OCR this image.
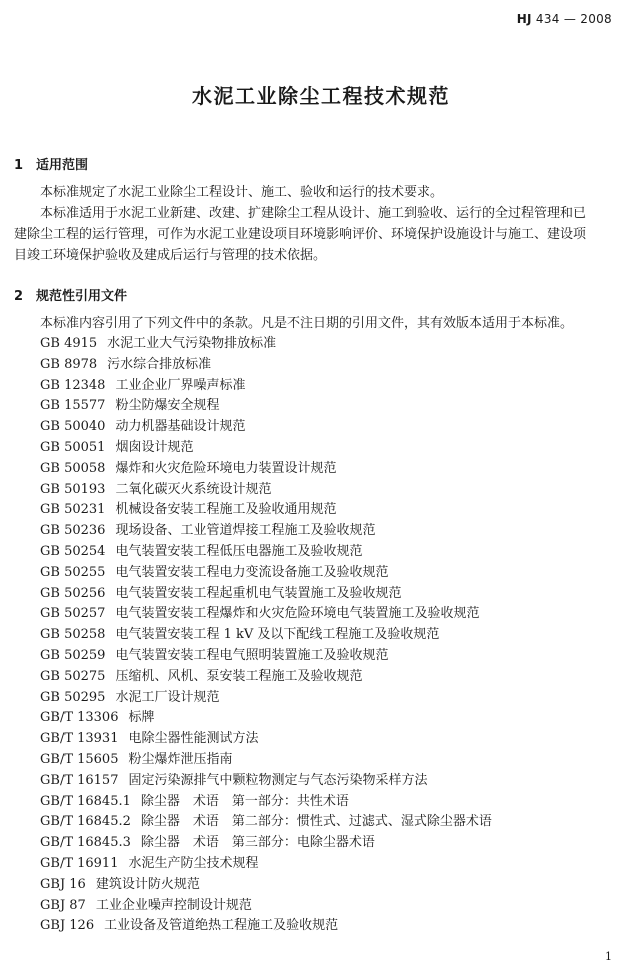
HJ 434 — 2008
水泥工业除尘工程技术规范
1 适用范围
本标准规定了水泥工业除尘工程设计、施工、验收和运行的技术要求。
本标准适用于水泥工业新建、改建、扩建除尘工程从设计、施工到验收、运行的全过程管理和已
建除尘工程的运行管理，可作为水泥工业建设项目环境影响评价、环境保护设施设计与施工、建设项
目竣工环境保护验收及建成后运行与管理的技术依据。
2 规范性引用文件
本标准内容引用了下列文件中的条款。凡是不注日期的引用文件，其有效版本适用于本标准。
GB 4915 水泥工业大气污染物排放标准
GB 8978 污水综合排放标准
GB 12348 工业企业厂界噪声标准
GB 15577 粉尘防爆安全规程
GB 50040 动力机器基础设计规范
GB 50051 烟囱设计规范
GB 50058 爆炸和火灾危险环境电力装置设计规范
GB 50193 二氧化碳灭火系统设计规范
GB 50231 机械设备安装工程施工及验收通用规范
GB 50236 现场设备、工业管道焊接工程施工及验收规范
GB 50254 电气装置安装工程低压电器施工及验收规范
GB 50255 电气装置安装工程电力变流设备施工及验收规范
GB 50256 电气装置安装工程起重机电气装置施工及验收规范
GB 50257 电气装置安装工程爆炸和火灾危险环境电气装置施工及验收规范
GB 50258 电气装置安装工程 1 kV 及以下配线工程施工及验收规范
GB 50259 电气装置安装工程电气照明装置施工及验收规范
GB 50275 压缩机、风机、泵安装工程施工及验收规范
GB 50295 水泥工厂设计规范
GB/T 13306 标牌
GB/T 13931 电除尘器性能测试方法
GB/T 15605 粉尘爆炸泄压指南
GB/T 16157 固定污染源排气中颗粒物测定与气态污染物采样方法
GB/T 16845.1 除尘器　术语　第一部分：共性术语
GB/T 16845.2 除尘器　术语　第二部分：惯性式、过滤式、湿式除尘器术语
GB/T 16845.3 除尘器　术语　第三部分：电除尘器术语
GB/T 16911 水泥生产防尘技术规程
GBJ 16 建筑设计防火规范
GBJ 87 工业企业噪声控制设计规范
GBJ 126 工业设备及管道绝热工程施工及验收规范
1
